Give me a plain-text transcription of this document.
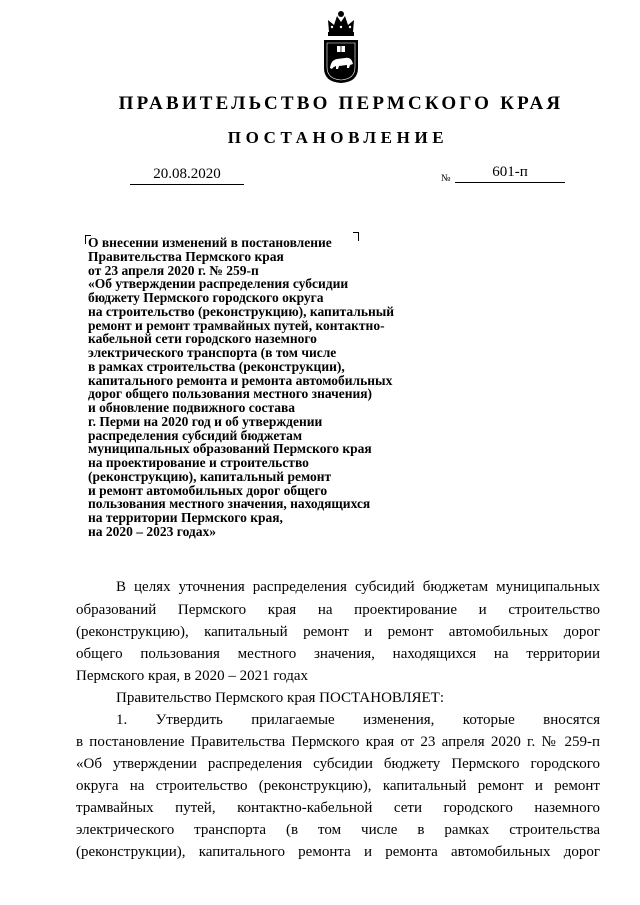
ПРАВИТЕЛЬСТВО ПЕРМСКОГО КРАЯ
ПОСТАНОВЛЕНИЕ
20.08.2020	№	601-п
О внесении изменений в постановление
Правительства Пермского края
от 23 апреля 2020 г. № 259-п
«Об утверждении распределения субсидии
бюджету Пермского городского округа
на строительство (реконструкцию), капитальный
ремонт и ремонт трамвайных путей, контактно-
кабельной сети городского наземного
электрического транспорта (в том числе
в рамках строительства (реконструкции),
капитального ремонта и ремонта автомобильных
дорог общего пользования местного значения)
и обновление подвижного состава
г. Перми на 2020 год и об утверждении
распределения субсидий бюджетам
муниципальных образований Пермского края
на проектирование и строительство
(реконструкцию), капитальный ремонт
и ремонт автомобильных дорог общего
пользования местного значения, находящихся
на территории Пермского края,
на 2020 – 2023 годах»
В целях уточнения распределения субсидий бюджетам муниципальных
образований Пермского края на проектирование и строительство
(реконструкцию), капитальный ремонт и ремонт автомобильных дорог
общего пользования местного значения, находящихся на территории
Пермского края, в 2020 – 2021 годах
Правительство Пермского края ПОСТАНОВЛЯЕТ:
1. Утвердить прилагаемые изменения, которые вносятся
в постановление Правительства Пермского края от 23 апреля 2020 г. № 259-п
«Об утверждении распределения субсидии бюджету Пермского городского
округа на строительство (реконструкцию), капитальный ремонт и ремонт
трамвайных путей, контактно-кабельной сети городского наземного
электрического транспорта (в том числе в рамках строительства
(реконструкции), капитального ремонта и ремонта автомобильных дорог
